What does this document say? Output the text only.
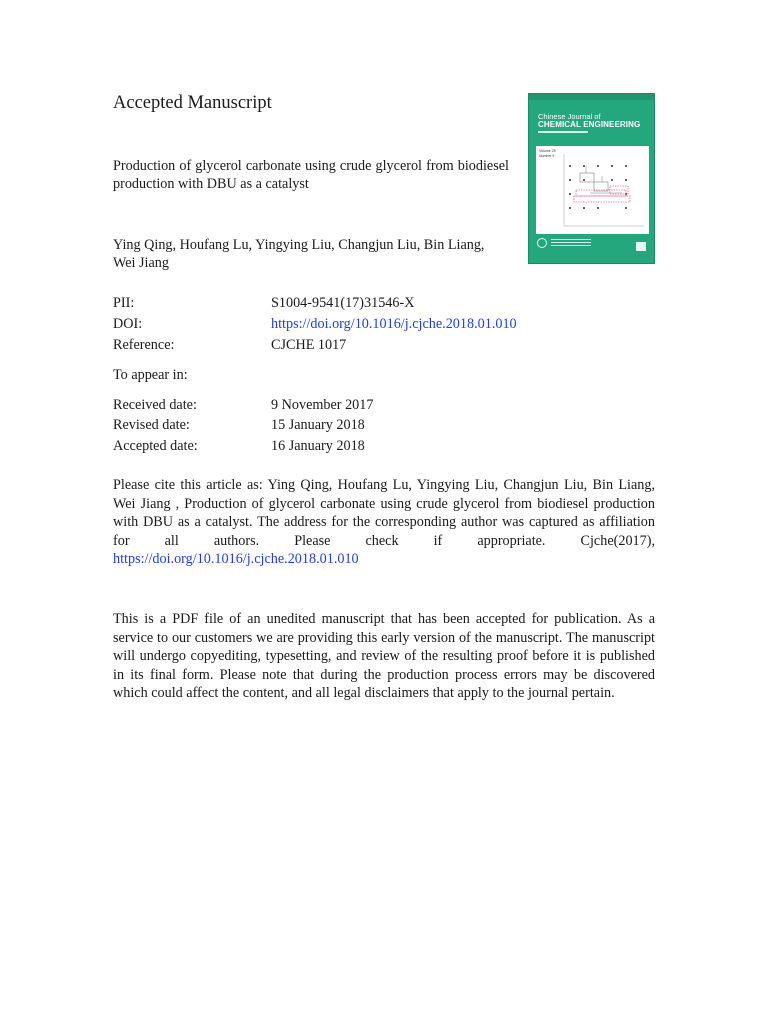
Accepted Manuscript
Production of glycerol carbonate using crude glycerol from biodiesel production with DBU as a catalyst
Ying Qing, Houfang Lu, Yingying Liu, Changjun Liu, Bin Liang, Wei Jiang
Chinese Journal of
CHEMICAL ENGINEERING
Volume 25
Number 9
PII:	S1004-9541(17)31546-X
DOI:	https://doi.org/10.1016/j.cjche.2018.01.010
Reference:	CJCHE 1017
To appear in:
Received date:	9 November 2017
Revised date:	15 January 2018
Accepted date:	16 January 2018
Please cite this article as: Ying Qing, Houfang Lu, Yingying Liu, Changjun Liu, Bin Liang, Wei Jiang , Production of glycerol carbonate using crude glycerol from biodiesel production with DBU as a catalyst. The address for the corresponding author was captured as affiliation for all authors. Please check if appropriate. Cjche(2017), https://doi.org/10.1016/j.cjche.2018.01.010
This is a PDF file of an unedited manuscript that has been accepted for publication. As a service to our customers we are providing this early version of the manuscript. The manuscript will undergo copyediting, typesetting, and review of the resulting proof before it is published in its final form. Please note that during the production process errors may be discovered which could affect the content, and all legal disclaimers that apply to the journal pertain.
